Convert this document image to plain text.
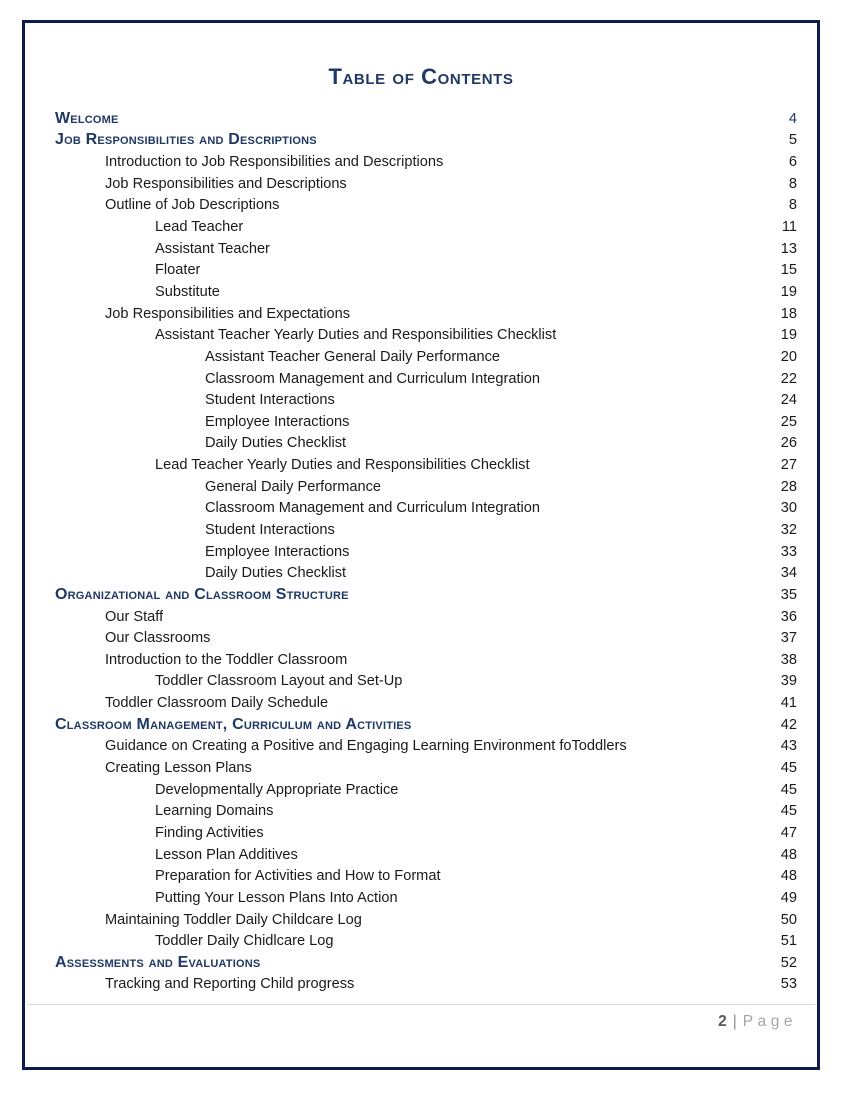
Table of Contents
Welcome	4
Job Responsibilities and Descriptions	5
Introduction to Job Responsibilities and Descriptions	6
Job Responsibilities and Descriptions	8
Outline of Job Descriptions	8
Lead Teacher	11
Assistant Teacher	13
Floater	15
Substitute	19
Job Responsibilities and Expectations	18
Assistant Teacher Yearly Duties and Responsibilities Checklist	19
Assistant Teacher General Daily Performance	20
Classroom Management and Curriculum Integration	22
Student Interactions	24
Employee Interactions	25
Daily Duties Checklist	26
Lead Teacher Yearly Duties and Responsibilities Checklist	27
General Daily Performance	28
Classroom Management and Curriculum Integration	30
Student Interactions	32
Employee Interactions	33
Daily Duties Checklist	34
Organizational and Classroom Structure	35
Our Staff	36
Our Classrooms	37
Introduction to the Toddler Classroom	38
Toddler Classroom Layout and Set-Up	39
Toddler Classroom Daily Schedule	41
Classroom Management, Curriculum and Activities	42
Guidance on Creating a Positive and Engaging Learning Environment foToddlers	43
Creating Lesson Plans	45
Developmentally Appropriate Practice	45
Learning Domains	45
Finding Activities	47
Lesson Plan Additives	48
Preparation for Activities and How to Format	48
Putting Your Lesson Plans Into Action	49
Maintaining Toddler Daily Childcare Log	50
Toddler Daily Chidlcare Log	51
Assessments and Evaluations	52
Tracking and Reporting Child progress	53
2 | Page
